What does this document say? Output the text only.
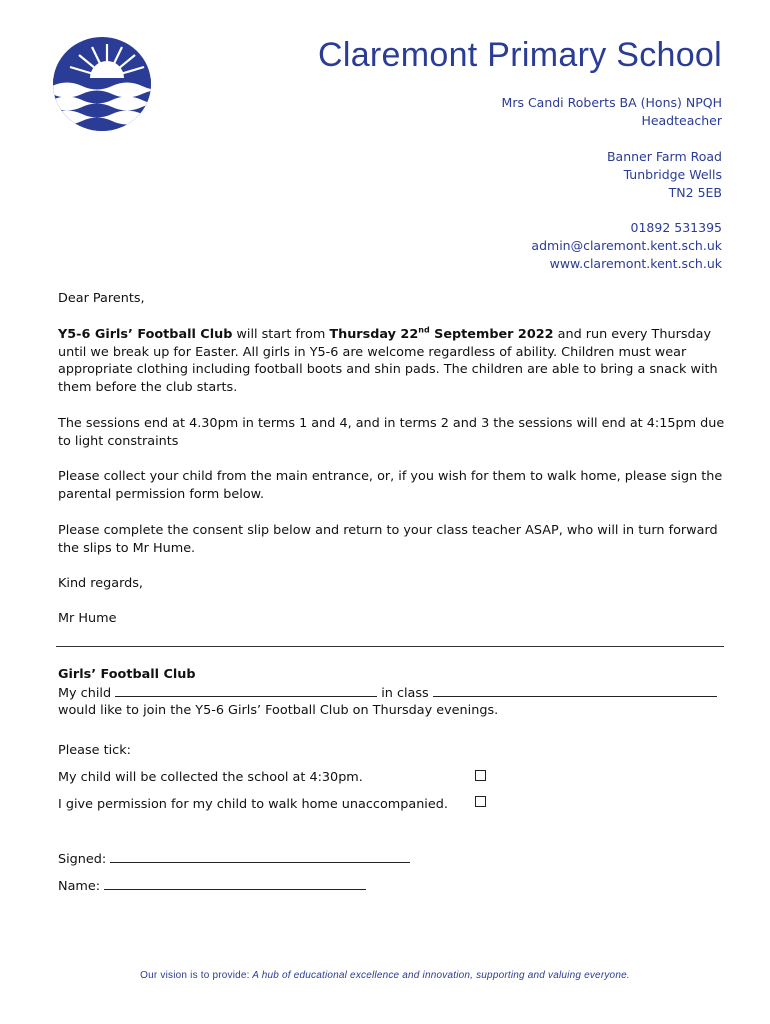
Claremont Primary School
Mrs Candi Roberts BA (Hons) NPQH
Headteacher
Banner Farm Road
Tunbridge Wells
TN2 5EB
01892 531395
admin@claremont.kent.sch.uk
www.claremont.kent.sch.uk

Dear Parents,

Y5-6 Girls’ Football Club will start from Thursday 22nd September 2022 and run every Thursday until we break up for Easter. All girls in Y5-6 are welcome regardless of ability. Children must wear appropriate clothing including football boots and shin pads. The children are able to bring a snack with them before the club starts.

The sessions end at 4.30pm in terms 1 and 4, and in terms 2 and 3 the sessions will end at 4:15pm due to light constraints

Please collect your child from the main entrance, or, if you wish for them to walk home, please sign the parental permission form below.

Please complete the consent slip below and return to your class teacher ASAP, who will in turn forward the slips to Mr Hume.

Kind regards,

Mr Hume

Girls’ Football Club
My child	in class
would like to join the Y5-6 Girls’ Football Club on Thursday evenings.
Please tick:
My child will be collected the school at 4:30pm.
I give permission for my child to walk home unaccompanied.
Signed:
Name:
Our vision is to provide: A hub of educational excellence and innovation, supporting and valuing everyone.
